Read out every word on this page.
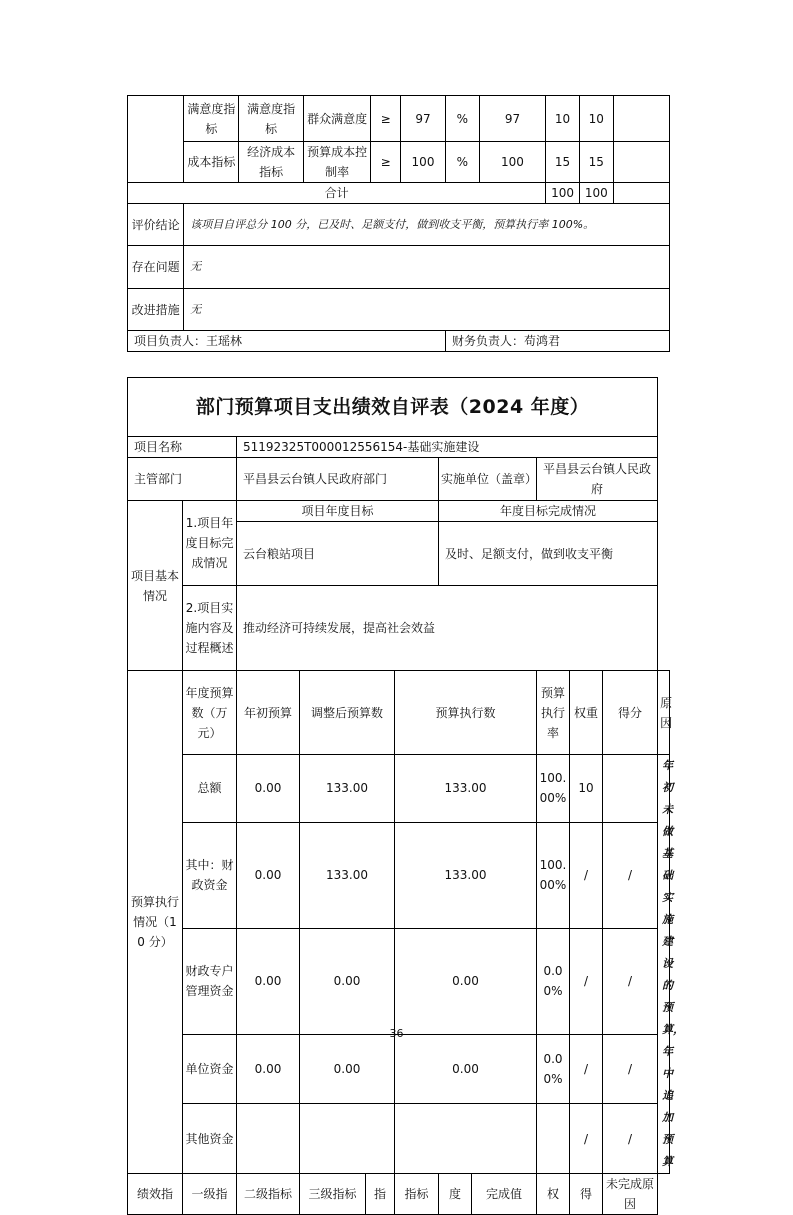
	满意度指标	满意度指标	群众满意度	≥	97	%	97	10	10	
	成本指标	经济成本指标	预算成本控制率	≥	100	%	100	15	15	
合计								100	100	
评价结论	该项目自评总分 100 分，已及时、足额支付，做到收支平衡，预算执行率 100%。									
存在问题	无									
改进措施	无									
项目负责人：王瑶林						财务负责人：苟鸿君				
部门预算项目支出绩效自评表（2024 年度）											
项目名称		51192325T000012556154-基础实施建设									
主管部门		平昌县云台镇人民政府部门				实施单位（盖章）		平昌县云台镇人民政府			
项目基本情况	1.项目年度目标完成情况	项目年度目标				年度目标完成情况					
		云台粮站项目				及时、足额支付，做到收支平衡					
	2.项目实施内容及过程概述	推动经济可持续发展，提高社会效益									

预算执行情况（10 分）	年度预算数（万元）	年初预算	调整后预算数		预算执行数			预算执行率	权重	得分	原因
	总额	0.00	133.00		133.00			100.00%	10		年初未做基础实施建设的预算，年中追加预算
	其中：财政资金	0.00	133.00		133.00			100.00%	/	/	
	财政专户管理资金	0.00	0.00		0.00			0.00%	/	/	
	单位资金	0.00	0.00		0.00			0.00%	/	/	
	其他资金								/	/	
绩效指	一级指	二级指标	三级指标	指	指标	度	完成值	权	得	未完成原因	
36
